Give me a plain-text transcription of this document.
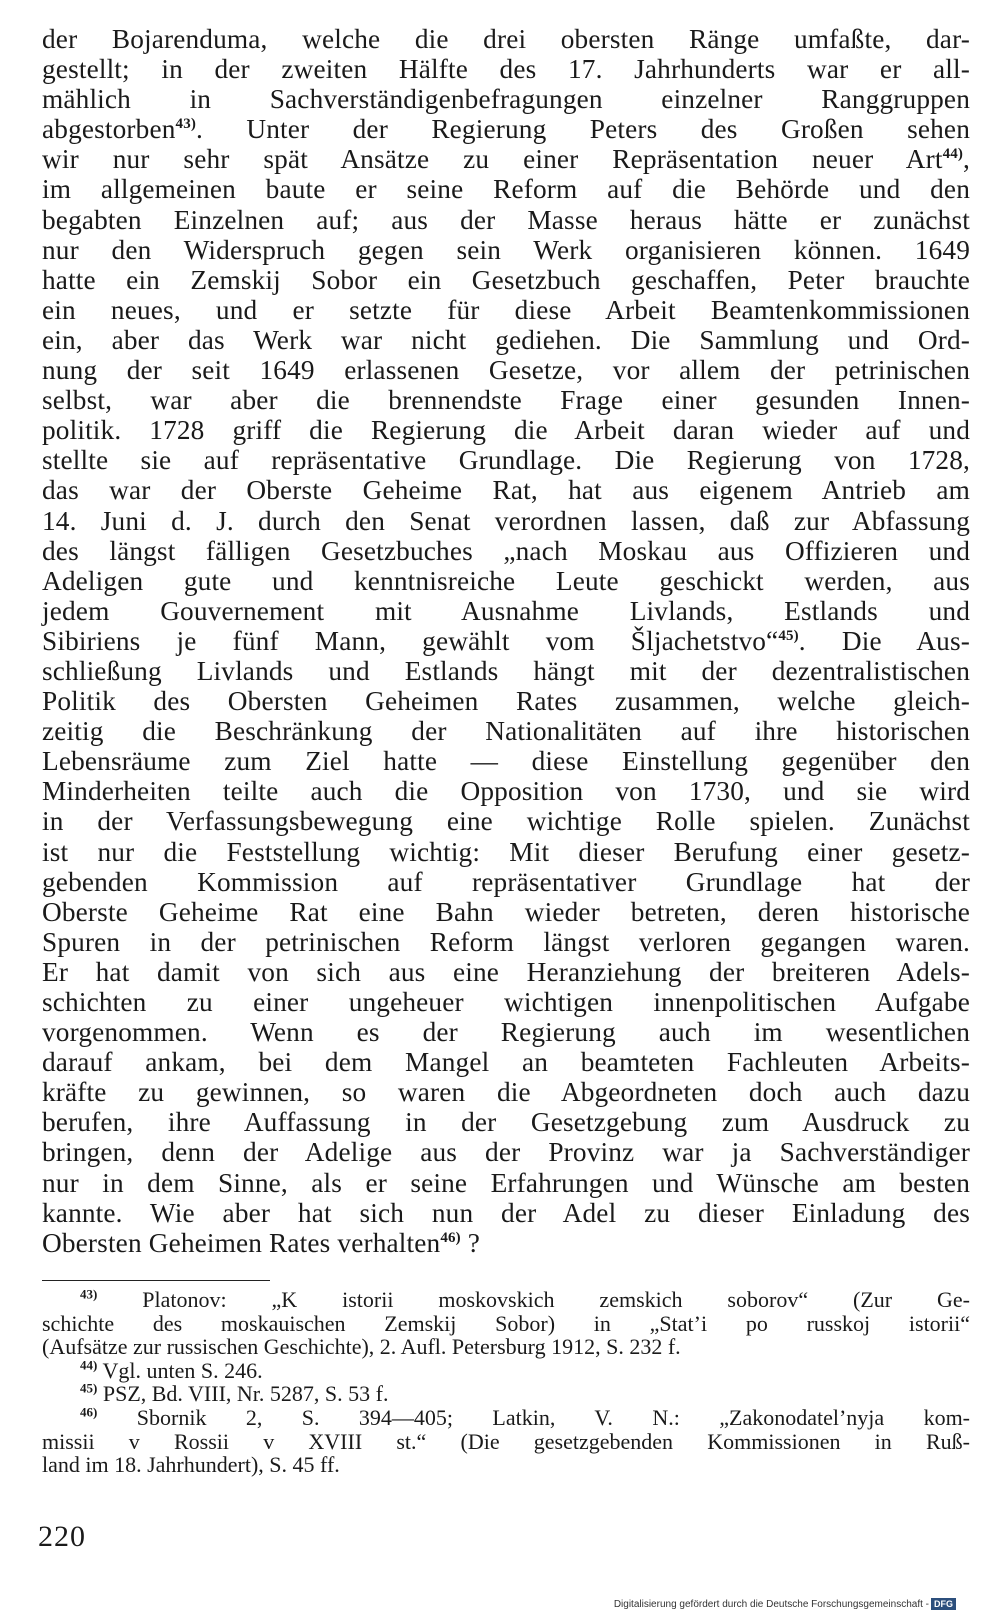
der Bojarenduma, welche die drei obersten Ränge umfaßte, dar-
gestellt; in der zweiten Hälfte des 17. Jahrhunderts war er all-
mählich in Sachverständigenbefragungen einzelner Ranggruppen
abgestorben$^{43)}$. Unter der Regierung Peters des Großen sehen
wir nur sehr spät Ansätze zu einer Repräsentation neuer Art$^{44)}$,
im allgemeinen baute er seine Reform auf die Behörde und den
begabten Einzelnen auf; aus der Masse heraus hätte er zunächst
nur den Widerspruch gegen sein Werk organisieren können. 1649
hatte ein Zemskij Sobor ein Gesetzbuch geschaffen, Peter brauchte
ein neues, und er setzte für diese Arbeit Beamtenkommissionen
ein, aber das Werk war nicht gediehen. Die Sammlung und Ord-
nung der seit 1649 erlassenen Gesetze, vor allem der petrinischen
selbst, war aber die brennendste Frage einer gesunden Innen-
politik. 1728 griff die Regierung die Arbeit daran wieder auf und
stellte sie auf repräsentative Grundlage. Die Regierung von 1728,
das war der Oberste Geheime Rat, hat aus eigenem Antrieb am
14. Juni d. J. durch den Senat verordnen lassen, daß zur Abfassung
des längst fälligen Gesetzbuches „nach Moskau aus Offizieren und
Adeligen gute und kenntnisreiche Leute geschickt werden, aus
jedem Gouvernement mit Ausnahme Livlands, Estlands und
Sibiriens je fünf Mann, gewählt vom Šljachetstvo“$^{45)}$. Die Aus-
schließung Livlands und Estlands hängt mit der dezentralistischen
Politik des Obersten Geheimen Rates zusammen, welche gleich-
zeitig die Beschränkung der Nationalitäten auf ihre historischen
Lebensräume zum Ziel hatte — diese Einstellung gegenüber den
Minderheiten teilte auch die Opposition von 1730, und sie wird
in der Verfassungsbewegung eine wichtige Rolle spielen. Zunächst
ist nur die Feststellung wichtig: Mit dieser Berufung einer gesetz-
gebenden Kommission auf repräsentativer Grundlage hat der
Oberste Geheime Rat eine Bahn wieder betreten, deren historische
Spuren in der petrinischen Reform längst verloren gegangen waren.
Er hat damit von sich aus eine Heranziehung der breiteren Adels-
schichten zu einer ungeheuer wichtigen innenpolitischen Aufgabe
vorgenommen. Wenn es der Regierung auch im wesentlichen
darauf ankam, bei dem Mangel an beamteten Fachleuten Arbeits-
kräfte zu gewinnen, so waren die Abgeordneten doch auch dazu
berufen, ihre Auffassung in der Gesetzgebung zum Ausdruck zu
bringen, denn der Adelige aus der Provinz war ja Sachverständiger
nur in dem Sinne, als er seine Erfahrungen und Wünsche am besten
kannte. Wie aber hat sich nun der Adel zu dieser Einladung des
Obersten Geheimen Rates verhalten$^{46)}$ ?
$^{43)}$ Platonov: „K istorii moskovskich zemskich soborov“ (Zur Ge-
schichte des moskauischen Zemskij Sobor) in „Stat’i po russkoj istorii“
(Aufsätze zur russischen Geschichte), 2. Aufl. Petersburg 1912, S. 232 f.
$^{44)}$ Vgl. unten S. 246.
$^{45)}$ PSZ, Bd. VIII, Nr. 5287, S. 53 f.
$^{46)}$ Sbornik 2, S. 394—405; Latkin, V. N.: „Zakonodatel’nyja kom-
missii v Rossii v XVIII st.“ (Die gesetzgebenden Kommissionen in Ruß-
land im 18. Jahrhundert), S. 45 ff.
220
Digitalisierung gefördert durch die Deutsche Forschungsgemeinschaft - DFG
